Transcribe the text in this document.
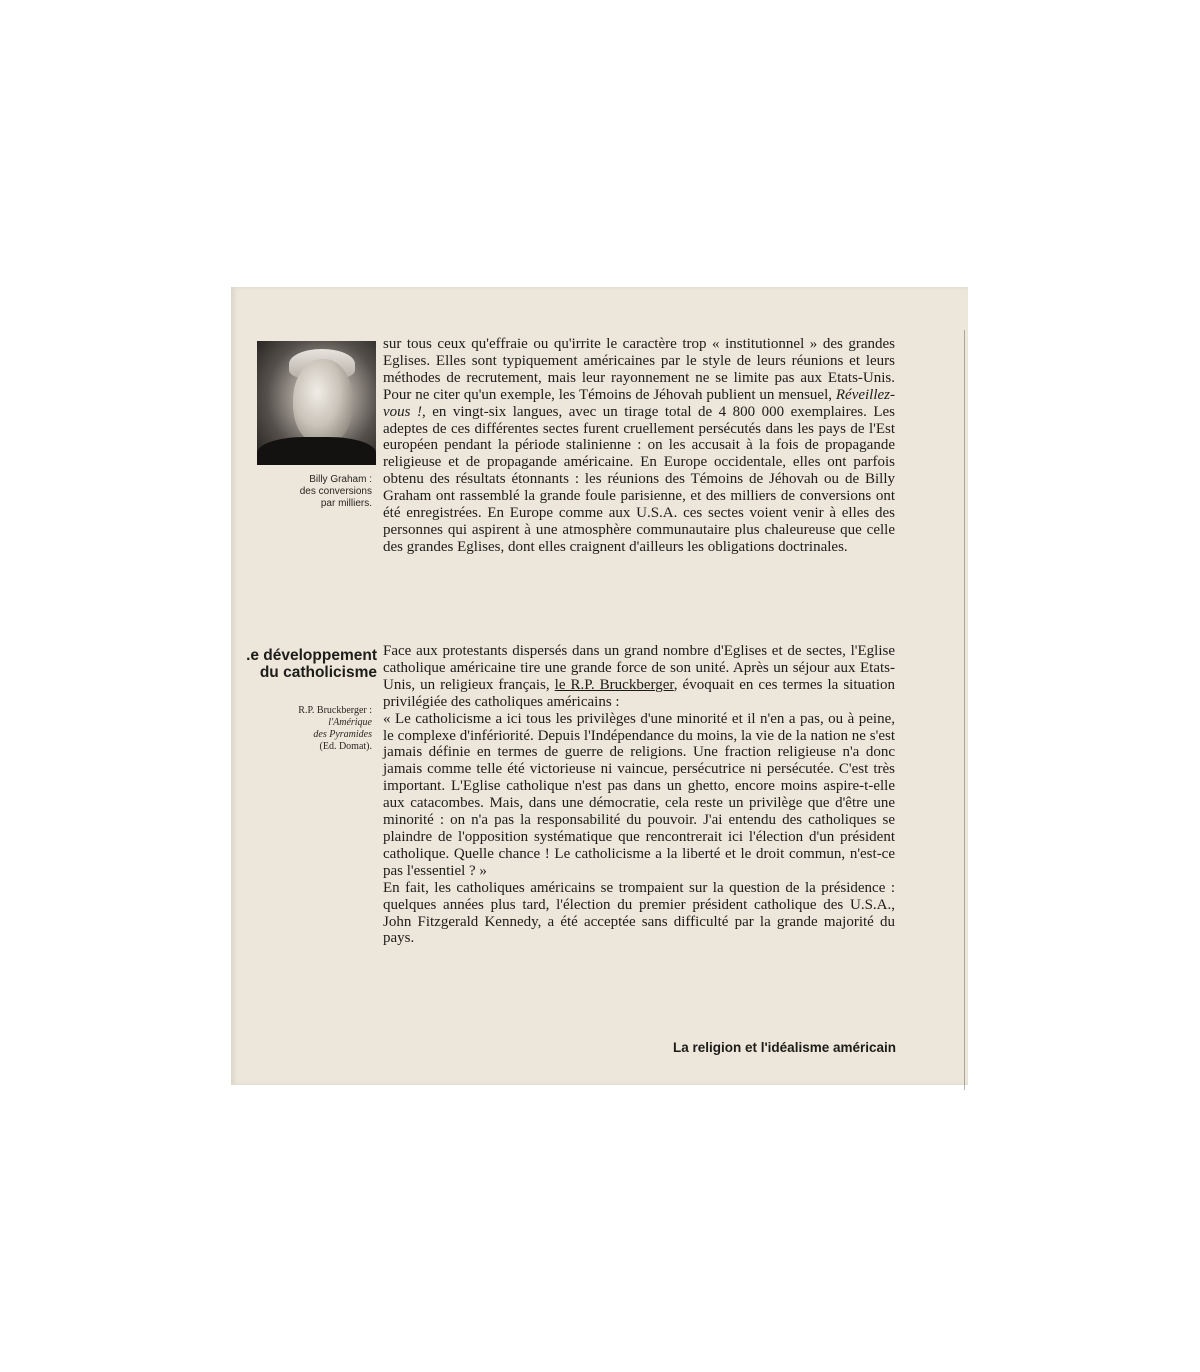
Billy Graham :
des conversions
par milliers.
.e développement
du catholicisme
R.P. Bruckberger :
l'Amérique
des Pyramides
(Ed. Domat).

sur tous ceux qu'effraie ou qu'irrite le caractère trop « institutionnel » des grandes Eglises. Elles sont typiquement américaines par le style de leurs réunions et leurs méthodes de recrutement, mais leur rayonnement ne se limite pas aux Etats-Unis. Pour ne citer qu'un exemple, les Témoins de Jéhovah publient un mensuel, Réveillez-vous !, en vingt-six langues, avec un tirage total de 4 800 000 exemplaires. Les adeptes de ces différentes sectes furent cruellement persécutés dans les pays de l'Est européen pendant la période stalinienne : on les accusait à la fois de propagande religieuse et de propagande américaine. En Europe occidentale, elles ont parfois obtenu des résultats étonnants : les réunions des Témoins de Jéhovah ou de Billy Graham ont rassemblé la grande foule parisienne, et des milliers de conversions ont été enregistrées. En Europe comme aux U.S.A. ces sectes voient venir à elles des personnes qui aspirent à une atmosphère communautaire plus chaleureuse que celle des grandes Eglises, dont elles craignent d'ailleurs les obligations doctrinales.

Face aux protestants dispersés dans un grand nombre d'Eglises et de sectes, l'Eglise catholique américaine tire une grande force de son unité. Après un séjour aux Etats-Unis, un religieux français, le R.P. Bruckberger, évoquait en ces termes la situation privilégiée des catholiques américains :

« Le catholicisme a ici tous les privilèges d'une minorité et il n'en a pas, ou à peine, le complexe d'infériorité. Depuis l'Indépendance du moins, la vie de la nation ne s'est jamais définie en termes de guerre de religions. Une fraction religieuse n'a donc jamais comme telle été victorieuse ni vaincue, persécutrice ni persécutée. C'est très important. L'Eglise catholique n'est pas dans un ghetto, encore moins aspire-t-elle aux catacombes. Mais, dans une démocratie, cela reste un privilège que d'être une minorité : on n'a pas la responsabilité du pouvoir. J'ai entendu des catholiques se plaindre de l'opposition systématique que rencontrerait ici l'élection d'un président catholique. Quelle chance ! Le catholicisme a la liberté et le droit commun, n'est-ce pas l'essentiel ? »

En fait, les catholiques américains se trompaient sur la question de la présidence : quelques années plus tard, l'élection du premier président catholique des U.S.A., John Fitzgerald Kennedy, a été acceptée sans difficulté par la grande majorité du pays.

La religion et l'idéalisme américain
